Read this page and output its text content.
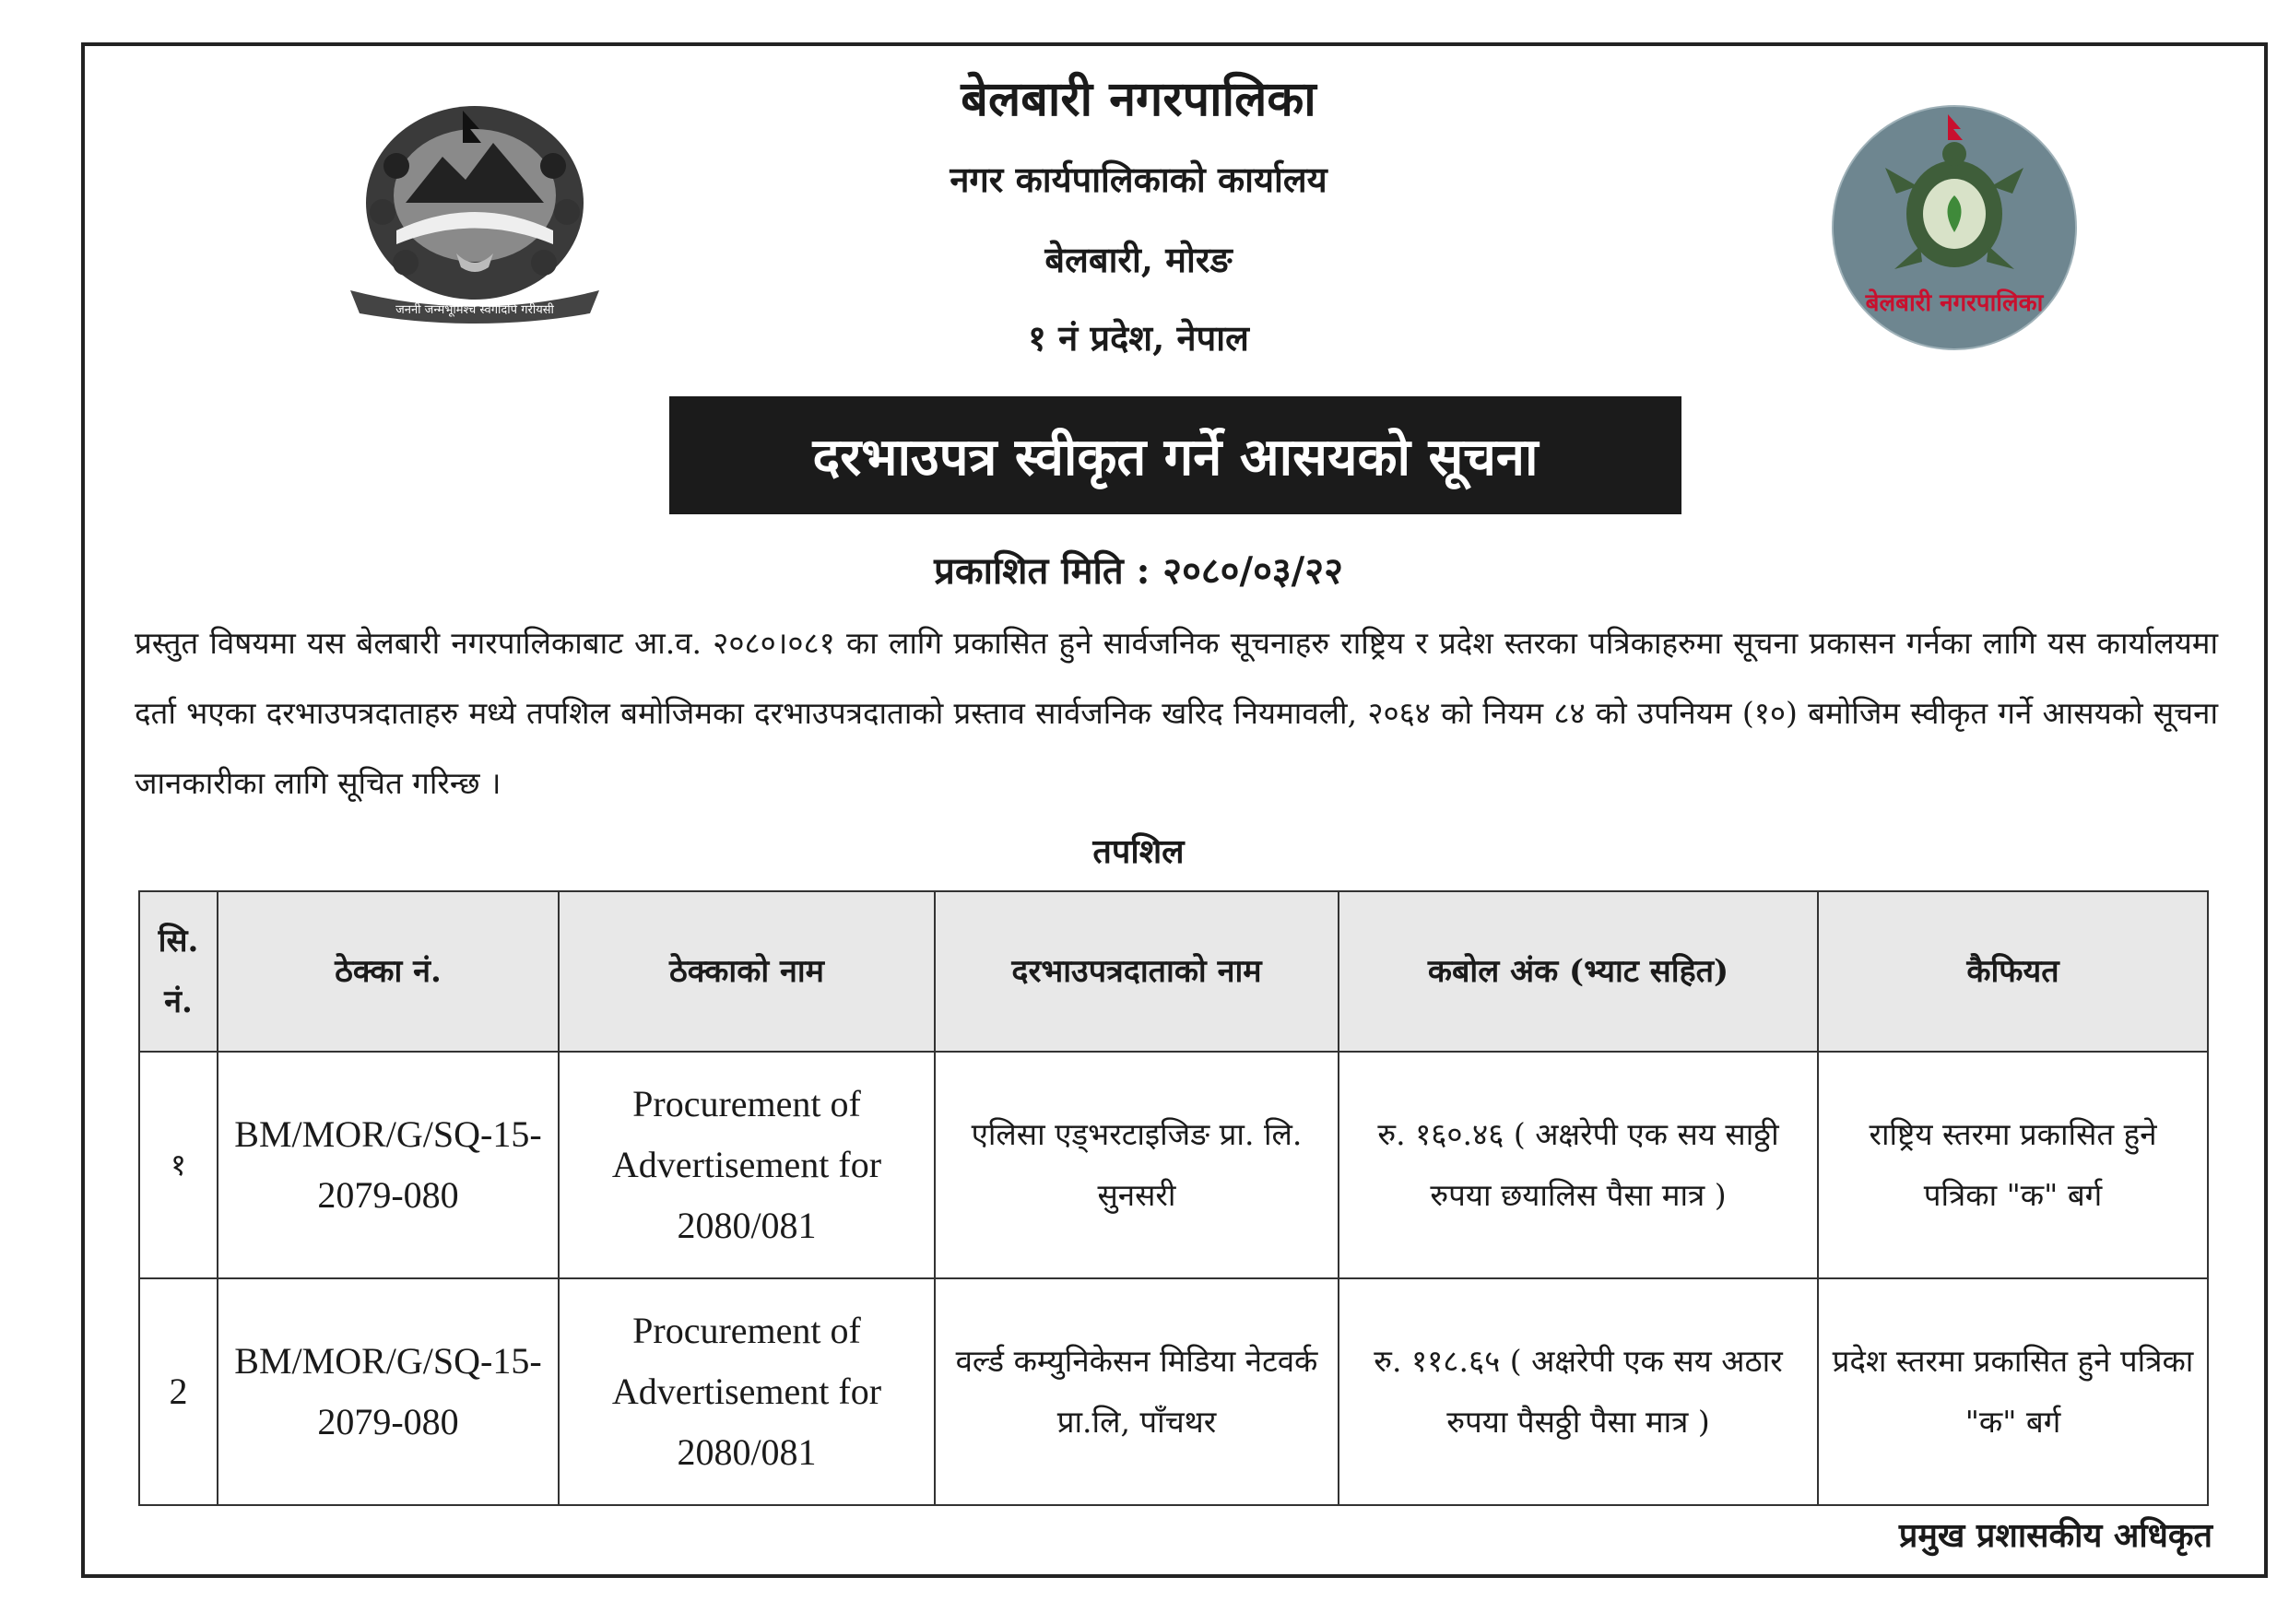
जननी जन्मभूमिश्च स्वर्गादपि गरीयसी	बेलबारी नगरपालिका
बेलबारी नगरपालिका
नगर कार्यपालिकाको कार्यालय
बेलबारी, मोरङ
१ नं प्रदेश, नेपाल
दरभाउपत्र स्वीकृत गर्ने आसयको सूचना
प्रकाशित मिति : २०८०/०३/२२
प्रस्तुत विषयमा यस बेलबारी नगरपालिकाबाट आ.व. २०८०।०८१ का लागि प्रकासित हुने सार्वजनिक सूचनाहरु राष्ट्रिय र प्रदेश स्तरका पत्रिकाहरुमा सूचना प्रकासन गर्नका लागि यस कार्यालयमा दर्ता भएका दरभाउपत्रदाताहरु मध्ये तपशिल बमोजिमका दरभाउपत्रदाताको प्रस्ताव सार्वजनिक खरिद नियमावली, २०६४ को नियम ८४ को उपनियम (१०) बमोजिम स्वीकृत गर्ने आसयको सूचना जानकारीका लागि सूचित गरिन्छ ।
तपशिल
सि. नं.	ठेक्का नं.	ठेक्काको नाम	दरभाउपत्रदाताको नाम	कबोल अंक (भ्याट सहित)	कैफियत
१	BM/MOR/G/SQ-15-2079-080	Procurement of Advertisement for 2080/081	एलिसा एड्भरटाइजिङ प्रा. लि. सुनसरी	रु. १६०.४६ ( अक्षरेपी एक सय साठ्ठी रुपया छयालिस पैसा मात्र )	राष्ट्रिय स्तरमा प्रकासित हुने पत्रिका "क" बर्ग
2	BM/MOR/G/SQ-15-2079-080	Procurement of Advertisement for 2080/081	वर्ल्ड कम्युनिकेसन मिडिया नेटवर्क प्रा.लि, पाँचथर	रु. ११८.६५ ( अक्षरेपी एक सय अठार रुपया पैसठ्ठी पैसा मात्र )	प्रदेश स्तरमा प्रकासित हुने पत्रिका "क" बर्ग
प्रमुख प्रशासकीय अधिकृत
